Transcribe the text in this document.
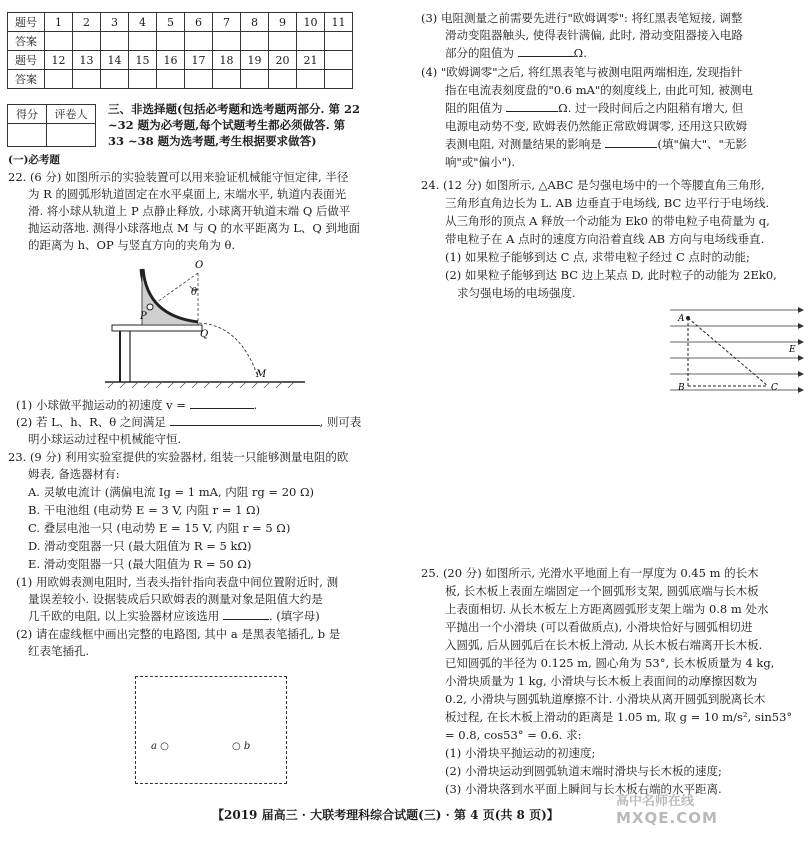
题号	1	2	3	4	5	6	7	8	9	10	11
答案											
题号	12	13	14	15	16	17	18	19	20	21	
答案											
得分	评卷人
	三、非选择题(包括必考题和选考题两部分. 第 22
~32 题为必考题,每个试题考生都必须做答. 第
33 ~38 题为选考题,考生根据要求做答)
(一)必考题
22. (6 分) 如图所示的实验装置可以用来验证机械能守恒定律, 半径
为 R 的圆弧形轨道固定在水平桌面上, 末端水平, 轨道内表面光
滑. 将小球从轨道上 P 点静止释放, 小球离开轨道末端 Q 后做平
抛运动落地. 测得小球落地点 M 与 Q 的水平距离为 L、Q 到地面
的距离为 h、OP 与竖直方向的夹角为 θ.
O
θ
P
Q
M
(1) 小球做平抛运动的初速度 v =	.
(2) 若 L、h、R、θ 之间满足	, 则可表
明小球运动过程中机械能守恒.
23. (9 分) 利用实验室提供的实验器材, 组装一只能够测量电阻的欧
姆表, 备选器材有:
A. 灵敏电流计 (满偏电流 Ig = 1 mA, 内阻 rg = 20 Ω)
B. 干电池组 (电动势 E = 3 V, 内阻 r = 1 Ω)
C. 叠层电池一只 (电动势 E = 15 V, 内阻 r = 5 Ω)
D. 滑动变阻器一只 (最大阻值为 R = 5 kΩ)
E. 滑动变阻器一只 (最大阻值为 R = 50 Ω)
(1) 用欧姆表测电阻时, 当表头指针指向表盘中间位置附近时, 测
量误差较小. 设据装成后只欧姆表的测量对象是阻值大约是
几千欧的电阻, 以上实验器材应该选用	. (填字母)
(2) 请在虚线框中画出完整的电路图, 其中 a 是黑表笔插孔, b 是
红表笔插孔.
a ○	○ b
(3) 电阻测量之前需要先进行"欧姆调零": 将红黑表笔短接, 调整
滑动变阻器触头, 使得表针满偏, 此时, 滑动变阻器接入电路
部分的阻值为	Ω.
(4) "欧姆调零"之后, 将红黑表笔与被测电阻两端相连, 发现指针
指在电流表刻度盘的"0.6 mA"的刻度线上, 由此可知, 被测电
阻的阻值为	Ω. 过一段时间后之内阻稍有增大, 但
电源电动势不变, 欧姆表仍然能正常欧姆调零, 还用这只欧姆
表测电阻, 对测量结果的影响是	(填"偏大"、"无影
响"或"偏小").
24. (12 分) 如图所示, △ABC 是匀强电场中的一个等腰直角三角形,
三角形直角边长为 L. AB 边垂直于电场线, BC 边平行于电场线.
从三角形的顶点 A 释放一个动能为 Ek0 的带电粒子电荷量为 q,
带电粒子在 A 点时的速度方向沿着直线 AB 方向与电场线垂直.
(1) 如果粒子能够到达 C 点, 求带电粒子经过 C 点时的动能;
(2) 如果粒子能够到达 BC 边上某点 D, 此时粒子的动能为 2Ek0,
求匀强电场的电场强度.
A
B	C
E
25. (20 分) 如图所示, 光滑水平地面上有一厚度为 0.45 m 的长木
板, 长木板上表面左端固定一个圆弧形支架, 圆弧底端与长木板
上表面相切. 从长木板左上方距离圆弧形支架上端为 0.8 m 处水
平抛出一个小滑块 (可以看做质点), 小滑块恰好与圆弧相切进
入圆弧, 后从圆弧后在长木板上滑动, 从长木板右端离开长木板.
已知圆弧的半径为 0.125 m, 圆心角为 53°, 长木板质量为 4 kg,
小滑块质量为 1 kg, 小滑块与长木板上表面间的动摩擦因数为
0.2, 小滑块与圆弧轨道摩擦不计. 小滑块从离开圆弧到脱离长木
板过程, 在长木板上滑动的距离是 1.05 m, 取 g = 10 m/s², sin53°
= 0.8, cos53° = 0.6. 求:
(1) 小滑块平抛运动的初速度;
(2) 小滑块运动到圆弧轨道末端时滑块与长木板的速度;
(3) 小滑块落到水平面上瞬间与长木板右端的水平距离.
高中名师在线
MXQE.COM
【2019 届高三 · 大联考理科综合试题(三) · 第 4 页(共 8 页)】
